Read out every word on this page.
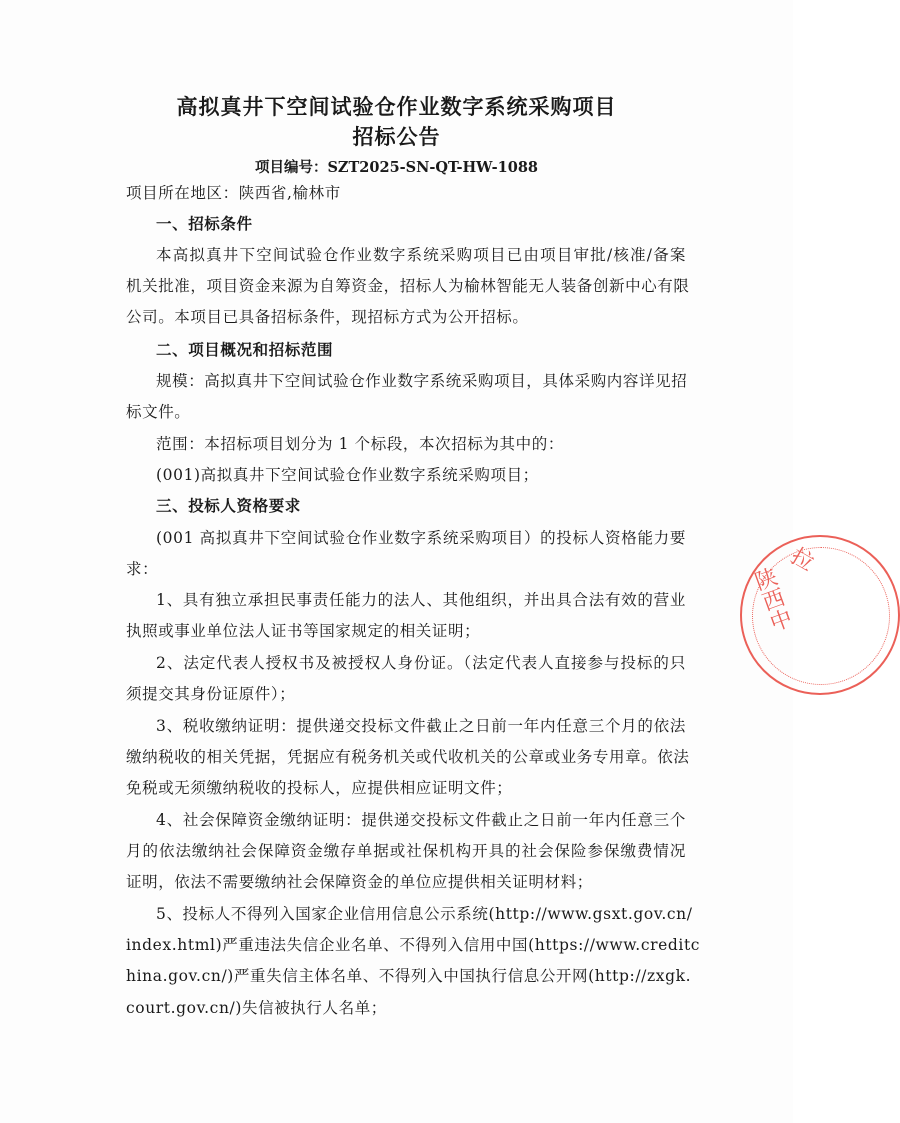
高拟真井下空间试验仓作业数字系统采购项目
招标公告
项目编号：SZT2025-SN-QT-HW-1088
项目所在地区：陕西省,榆林市
一、招标条件
本高拟真井下空间试验仓作业数字系统采购项目已由项目审批/核准/备案
机关批准，项目资金来源为自筹资金，招标人为榆林智能无人装备创新中心有限
公司。本项目已具备招标条件，现招标方式为公开招标。
二、项目概况和招标范围
规模：高拟真井下空间试验仓作业数字系统采购项目，具体采购内容详见招
标文件。
范围：本招标项目划分为 1 个标段，本次招标为其中的：
(001)高拟真井下空间试验仓作业数字系统采购项目；
三、投标人资格要求
(001 高拟真井下空间试验仓作业数字系统采购项目）的投标人资格能力要
求：
1、具有独立承担民事责任能力的法人、其他组织，并出具合法有效的营业
执照或事业单位法人证书等国家规定的相关证明；
2、法定代表人授权书及被授权人身份证。（法定代表人直接参与投标的只
须提交其身份证原件）；
3、税收缴纳证明：提供递交投标文件截止之日前一年内任意三个月的依法
缴纳税收的相关凭据，凭据应有税务机关或代收机关的公章或业务专用章。依法
免税或无须缴纳税收的投标人，应提供相应证明文件；
4、社会保障资金缴纳证明：提供递交投标文件截止之日前一年内任意三个
月的依法缴纳社会保障资金缴存单据或社保机构开具的社会保险参保缴费情况
证明，依法不需要缴纳社会保障资金的单位应提供相关证明材料；
5、投标人不得列入国家企业信用信息公示系统(http://www.gsxt.gov.cn/
index.html)严重违法失信企业名单、不得列入信用中国(https://www.creditc
hina.gov.cn/)严重失信主体名单、不得列入中国执行信息公开网(http://zxgk.
court.gov.cn/)失信被执行人名单；
陕西中
拉
